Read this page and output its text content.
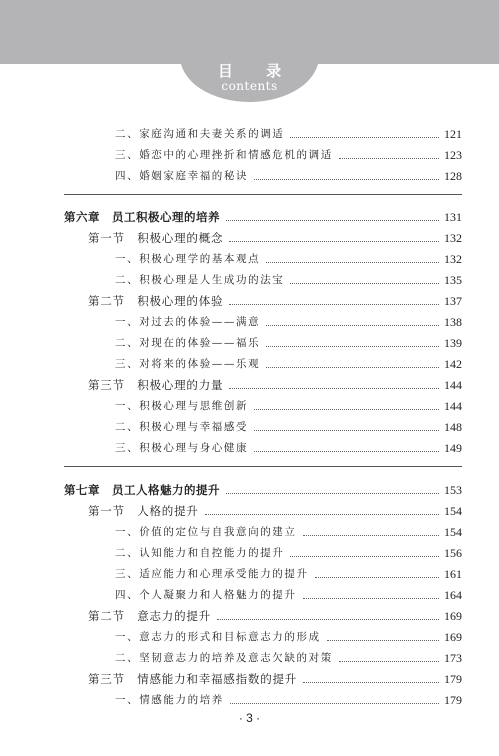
目 录
contents
二、家庭沟通和夫妻关系的调适	121
三、婚恋中的心理挫折和情感危机的调适	123
四、婚姻家庭幸福的秘诀	128
第六章　员工积极心理的培养	131
第一节　积极心理的概念	132
一、积极心理学的基本观点	132
二、积极心理是人生成功的法宝	135
第二节　积极心理的体验	137
一、对过去的体验——满意	138
二、对现在的体验——福乐	139
三、对将来的体验——乐观	142
第三节　积极心理的力量	144
一、积极心理与思维创新	144
二、积极心理与幸福感受	148
三、积极心理与身心健康	149
第七章　员工人格魅力的提升	153
第一节　人格的提升	154
一、价值的定位与自我意向的建立	154
二、认知能力和自控能力的提升	156
三、适应能力和心理承受能力的提升	161
四、个人凝聚力和人格魅力的提升	164
第二节　意志力的提升	169
一、意志力的形式和目标意志力的形成	169
二、坚韧意志力的培养及意志欠缺的对策	173
第三节　情感能力和幸福感指数的提升	179
一、情感能力的培养	179
· 3 ·
